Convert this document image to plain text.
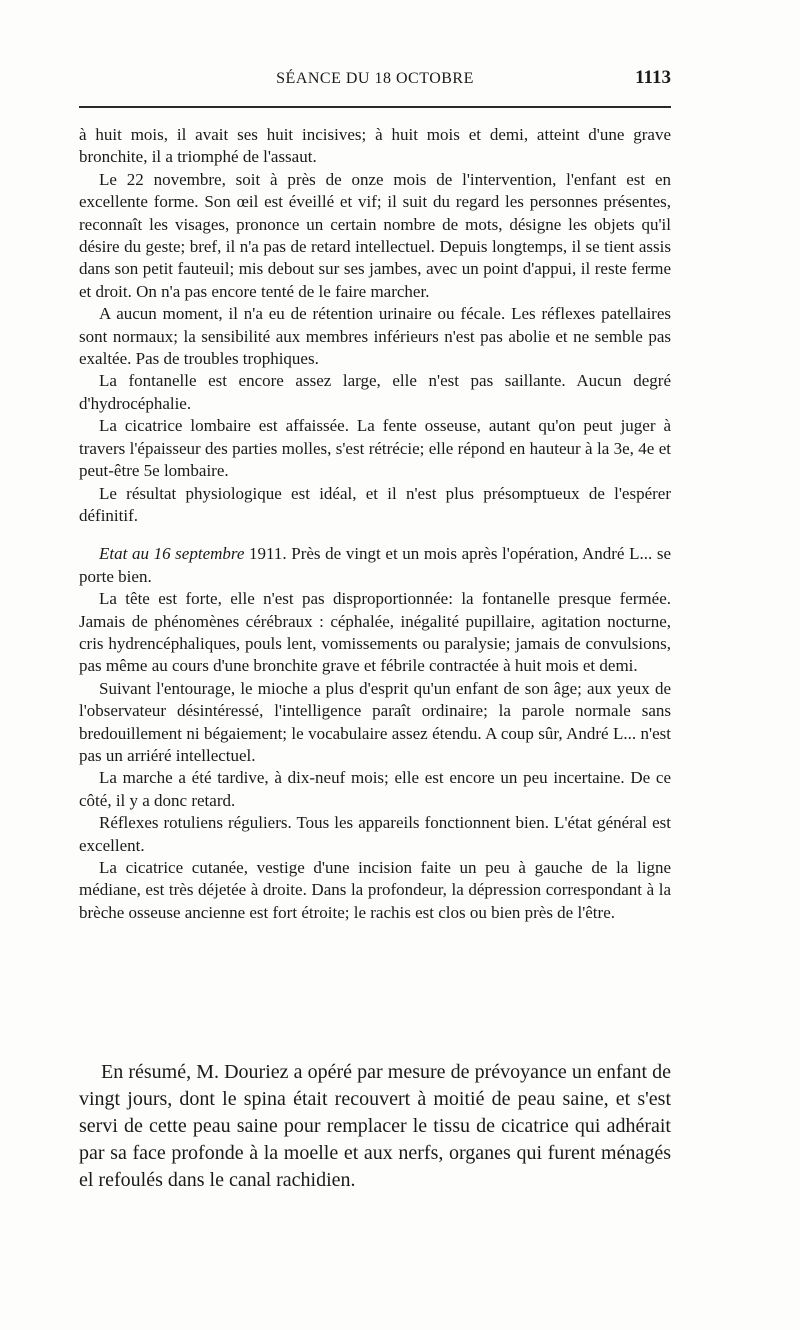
SÉANCE DU 18 OCTOBRE	1113

à huit mois, il avait ses huit incisives; à huit mois et demi, atteint d'une grave bronchite, il a triomphé de l'assaut.

Le 22 novembre, soit à près de onze mois de l'intervention, l'enfant est en excellente forme. Son œil est éveillé et vif; il suit du regard les personnes présentes, reconnaît les visages, prononce un certain nombre de mots, désigne les objets qu'il désire du geste; bref, il n'a pas de retard intellectuel. Depuis longtemps, il se tient assis dans son petit fauteuil; mis debout sur ses jambes, avec un point d'appui, il reste ferme et droit. On n'a pas encore tenté de le faire marcher.

A aucun moment, il n'a eu de rétention urinaire ou fécale. Les réflexes patellaires sont normaux; la sensibilité aux membres inférieurs n'est pas abolie et ne semble pas exaltée. Pas de troubles trophiques.

La fontanelle est encore assez large, elle n'est pas saillante. Aucun degré d'hydrocéphalie.

La cicatrice lombaire est affaissée. La fente osseuse, autant qu'on peut juger à travers l'épaisseur des parties molles, s'est rétrécie; elle répond en hauteur à la 3e, 4e et peut-être 5e lombaire.

Le résultat physiologique est idéal, et il n'est plus présomptueux de l'espérer définitif.

Etat au 16 septembre 1911. Près de vingt et un mois après l'opération, André L... se porte bien.

La tête est forte, elle n'est pas disproportionnée: la fontanelle presque fermée. Jamais de phénomènes cérébraux : céphalée, inégalité pupillaire, agitation nocturne, cris hydrencéphaliques, pouls lent, vomissements ou paralysie; jamais de convulsions, pas même au cours d'une bronchite grave et fébrile contractée à huit mois et demi.

Suivant l'entourage, le mioche a plus d'esprit qu'un enfant de son âge; aux yeux de l'observateur désintéressé, l'intelligence paraît ordinaire; la parole normale sans bredouillement ni bégaiement; le vocabulaire assez étendu. A coup sûr, André L... n'est pas un arriéré intellectuel.

La marche a été tardive, à dix-neuf mois; elle est encore un peu incertaine. De ce côté, il y a donc retard.

Réflexes rotuliens réguliers. Tous les appareils fonctionnent bien. L'état général est excellent.

La cicatrice cutanée, vestige d'une incision faite un peu à gauche de la ligne médiane, est très déjetée à droite. Dans la profondeur, la dépression correspondant à la brèche osseuse ancienne est fort étroite; le rachis est clos ou bien près de l'être.

En résumé, M. Douriez a opéré par mesure de prévoyance un enfant de vingt jours, dont le spina était recouvert à moitié de peau saine, et s'est servi de cette peau saine pour remplacer le tissu de cicatrice qui adhérait par sa face profonde à la moelle et aux nerfs, organes qui furent ménagés el refoulés dans le canal rachidien.
